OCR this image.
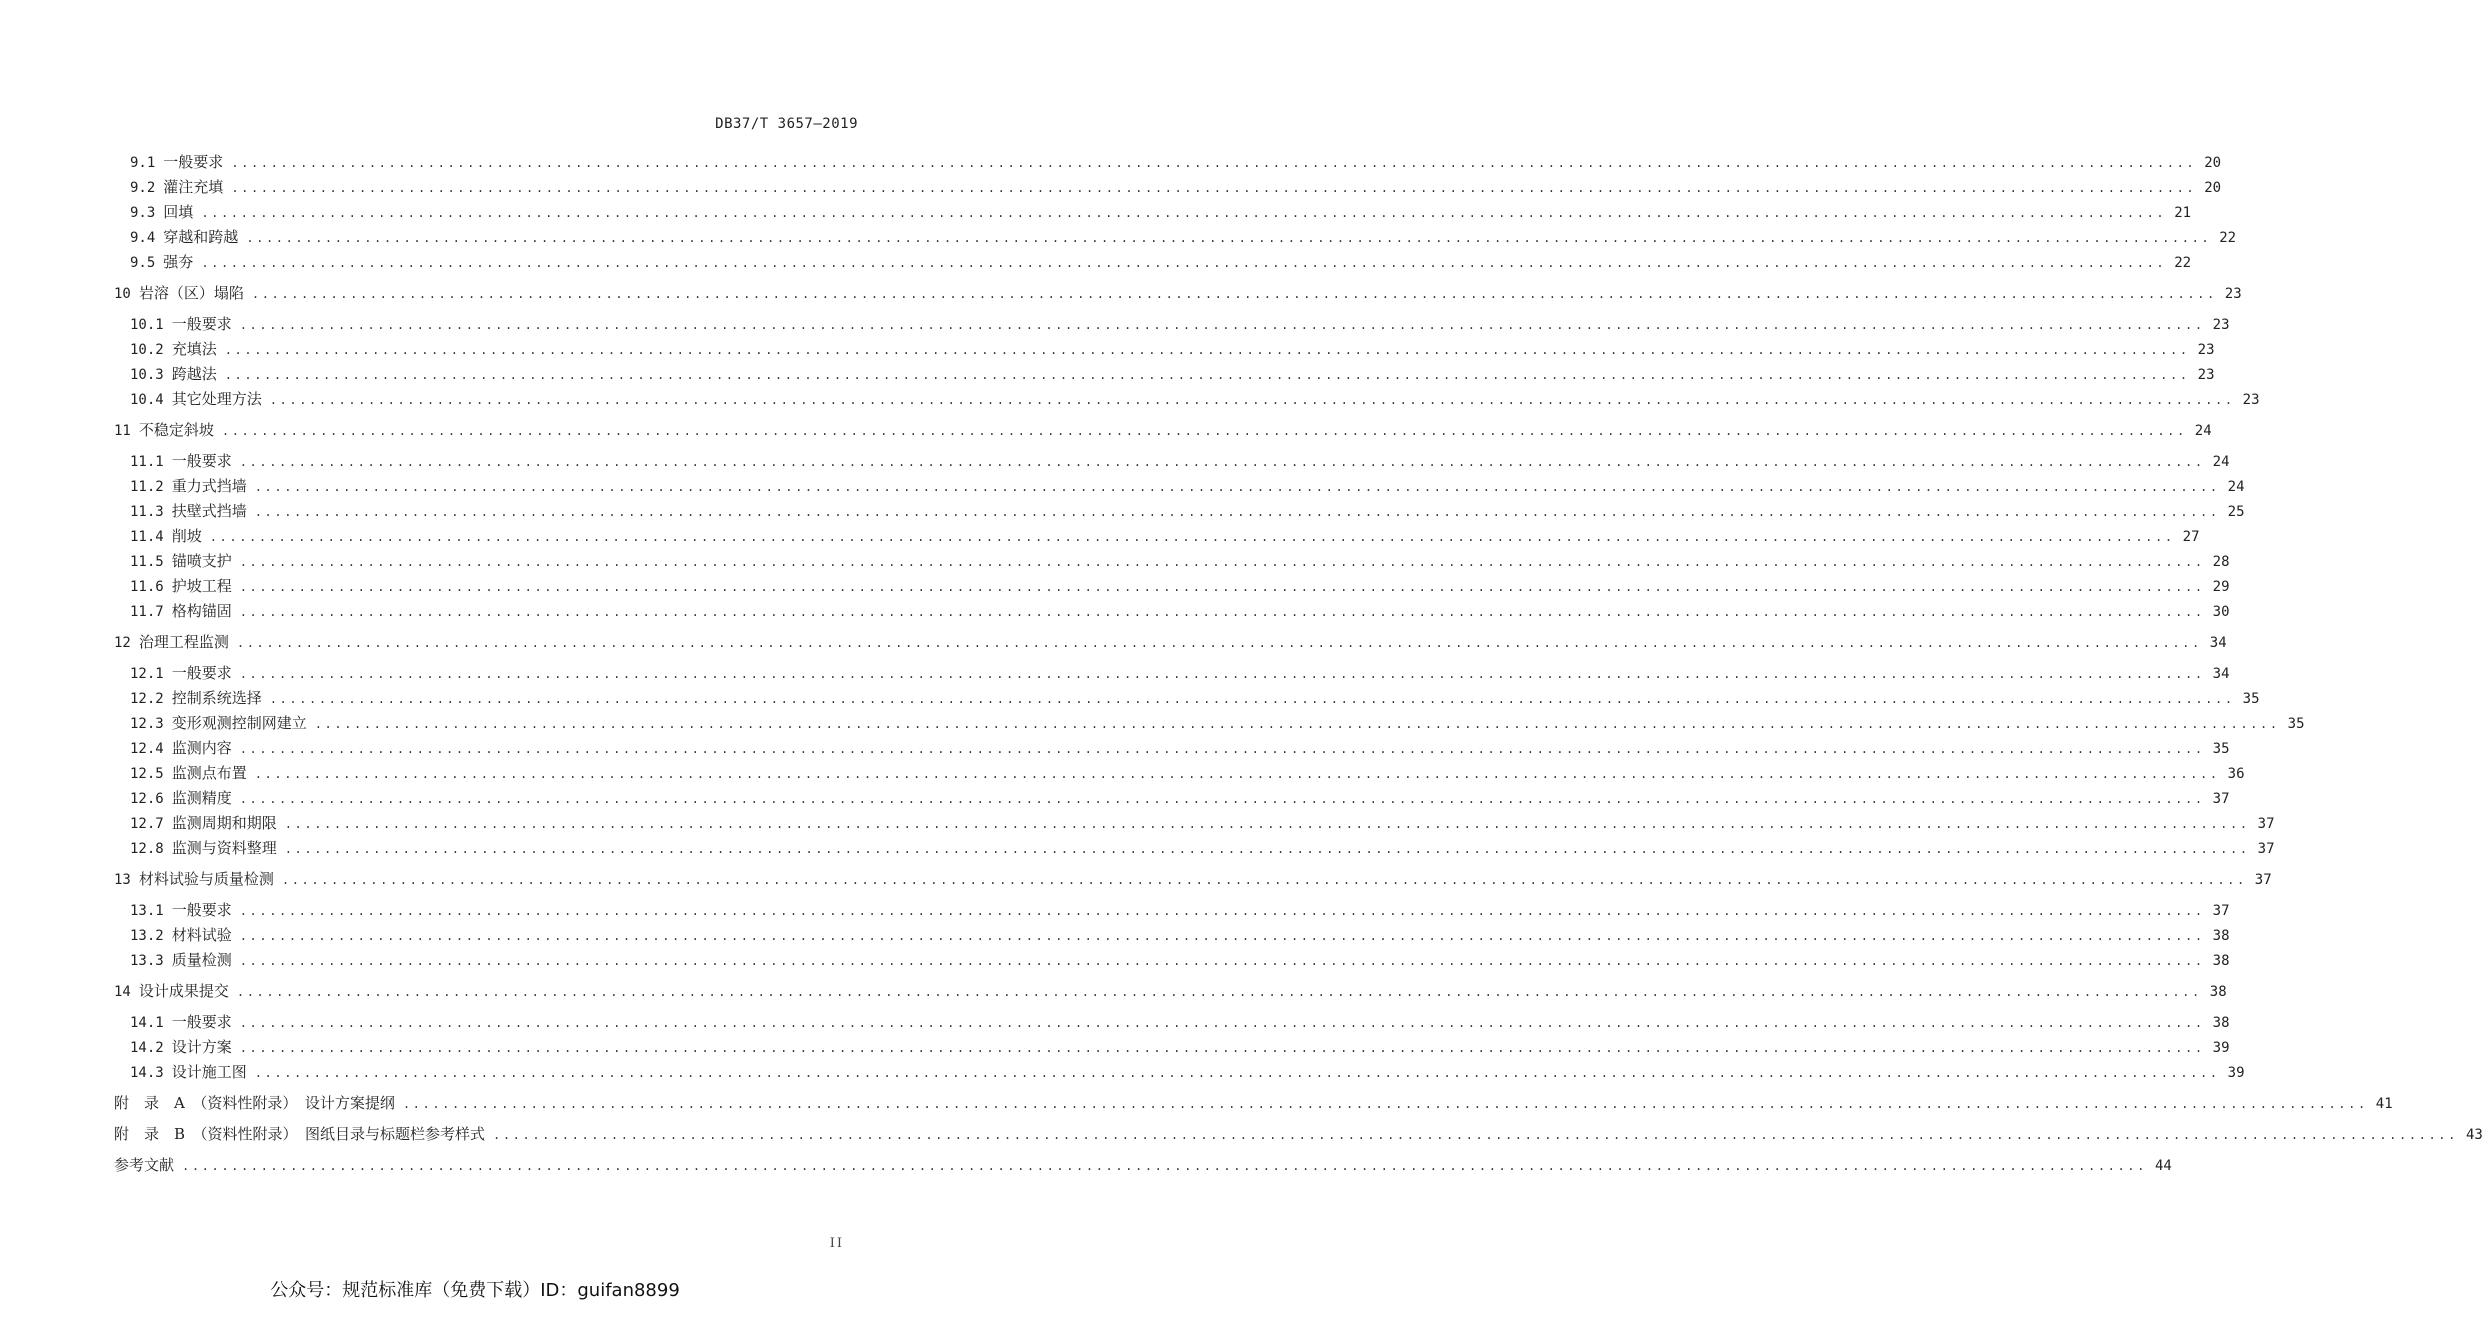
DB37/T 3657—2019
9.1 一般要求 ........................................................................................................................................................................................................ 20
9.2 灌注充填 ........................................................................................................................................................................................................ 20
9.3 回填 ........................................................................................................................................................................................................ 21
9.4 穿越和跨越 ........................................................................................................................................................................................................ 22
9.5 强夯 ........................................................................................................................................................................................................ 22
10 岩溶（区）塌陷 ........................................................................................................................................................................................................ 23
10.1 一般要求 ........................................................................................................................................................................................................ 23
10.2 充填法 ........................................................................................................................................................................................................ 23
10.3 跨越法 ........................................................................................................................................................................................................ 23
10.4 其它处理方法 ........................................................................................................................................................................................................ 23
11 不稳定斜坡 ........................................................................................................................................................................................................ 24
11.1 一般要求 ........................................................................................................................................................................................................ 24
11.2 重力式挡墙 ........................................................................................................................................................................................................ 24
11.3 扶壁式挡墙 ........................................................................................................................................................................................................ 25
11.4 削坡 ........................................................................................................................................................................................................ 27
11.5 锚喷支护 ........................................................................................................................................................................................................ 28
11.6 护坡工程 ........................................................................................................................................................................................................ 29
11.7 格构锚固 ........................................................................................................................................................................................................ 30
12 治理工程监测 ........................................................................................................................................................................................................ 34
12.1 一般要求 ........................................................................................................................................................................................................ 34
12.2 控制系统选择 ........................................................................................................................................................................................................ 35
12.3 变形观测控制网建立 ........................................................................................................................................................................................................ 35
12.4 监测内容 ........................................................................................................................................................................................................ 35
12.5 监测点布置 ........................................................................................................................................................................................................ 36
12.6 监测精度 ........................................................................................................................................................................................................ 37
12.7 监测周期和期限 ........................................................................................................................................................................................................ 37
12.8 监测与资料整理 ........................................................................................................................................................................................................ 37
13 材料试验与质量检测 ........................................................................................................................................................................................................ 37
13.1 一般要求 ........................................................................................................................................................................................................ 37
13.2 材料试验 ........................................................................................................................................................................................................ 38
13.3 质量检测 ........................................................................................................................................................................................................ 38
14 设计成果提交 ........................................................................................................................................................................................................ 38
14.1 一般要求 ........................................................................................................................................................................................................ 38
14.2 设计方案 ........................................................................................................................................................................................................ 39
14.3 设计施工图 ........................................................................................................................................................................................................ 39
附　录　A　（资料性附录）　设计方案提纲 ........................................................................................................................................................................................................ 41
附　录　B　（资料性附录）　图纸目录与标题栏参考样式 ........................................................................................................................................................................................................ 43
参考文献 ........................................................................................................................................................................................................ 44
II
公众号：规范标准库（免费下载）ID：guifan8899
